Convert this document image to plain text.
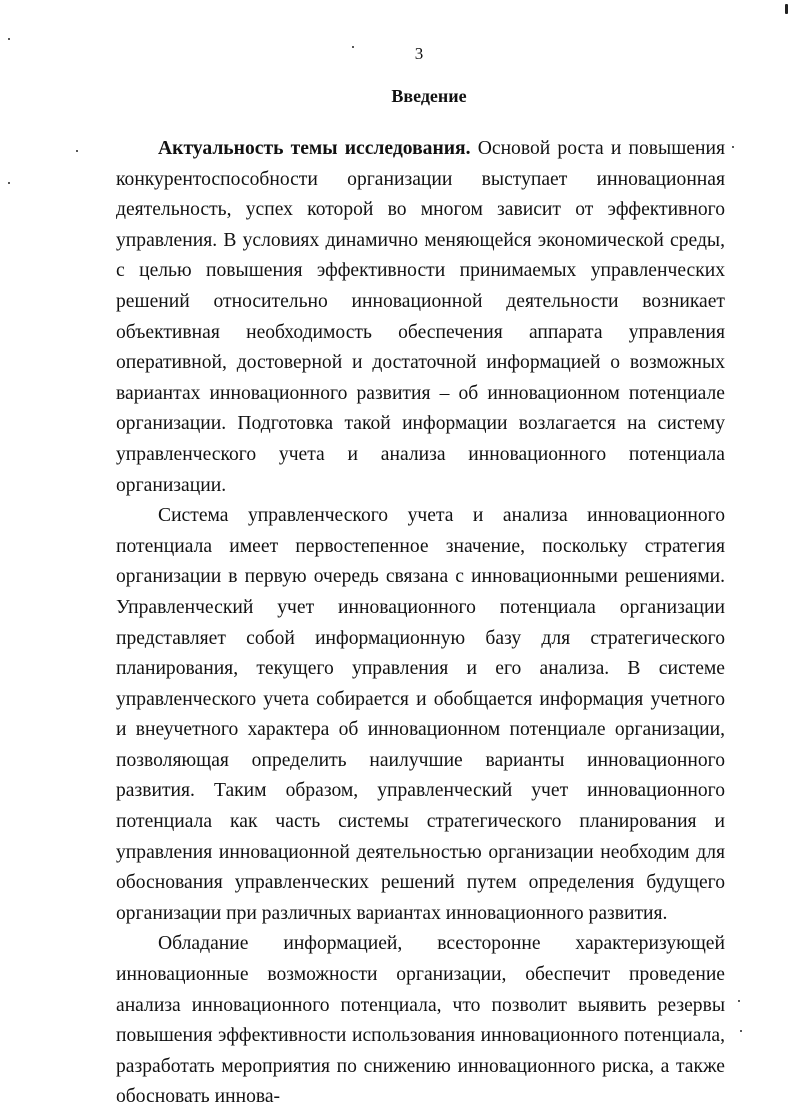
3
Введение

Актуальность темы исследования. Основой роста и повышения конкурентоспособности организации выступает инновационная деятельность, успех которой во многом зависит от эффективного управления. В условиях динамично меняющейся экономической среды, с целью повышения эффективности принимаемых управленческих решений относительно инновационной деятельности возникает объективная необходимость обеспечения аппарата управления оперативной, достоверной и достаточной информацией о возможных вариантах инновационного развития – об инновационном потенциале организации. Подготовка такой информации возлагается на систему управленческого учета и анализа инновационного потенциала организации.

Система управленческого учета и анализа инновационного потенциала имеет первостепенное значение, поскольку стратегия организации в первую очередь связана с инновационными решениями. Управленческий учет инновационного потенциала организации представляет собой информационную базу для стратегического планирования, текущего управления и его анализа. В системе управленческого учета собирается и обобщается информация учетного и внеучетного характера об инновационном потенциале организации, позволяющая определить наилучшие варианты инновационного развития. Таким образом, управленческий учет инновационного потенциала как часть системы стратегического планирования и управления инновационной деятельностью организации необходим для обоснования управленческих решений путем определения будущего организации при различных вариантах инновационного развития.

Обладание информацией, всесторонне характеризующей инновационные возможности организации, обеспечит проведение анализа инновационного потенциала, что позволит выявить резервы повышения эффективности использования инновационного потенциала, разработать мероприятия по снижению инновационного риска, а также обосновать иннова-
